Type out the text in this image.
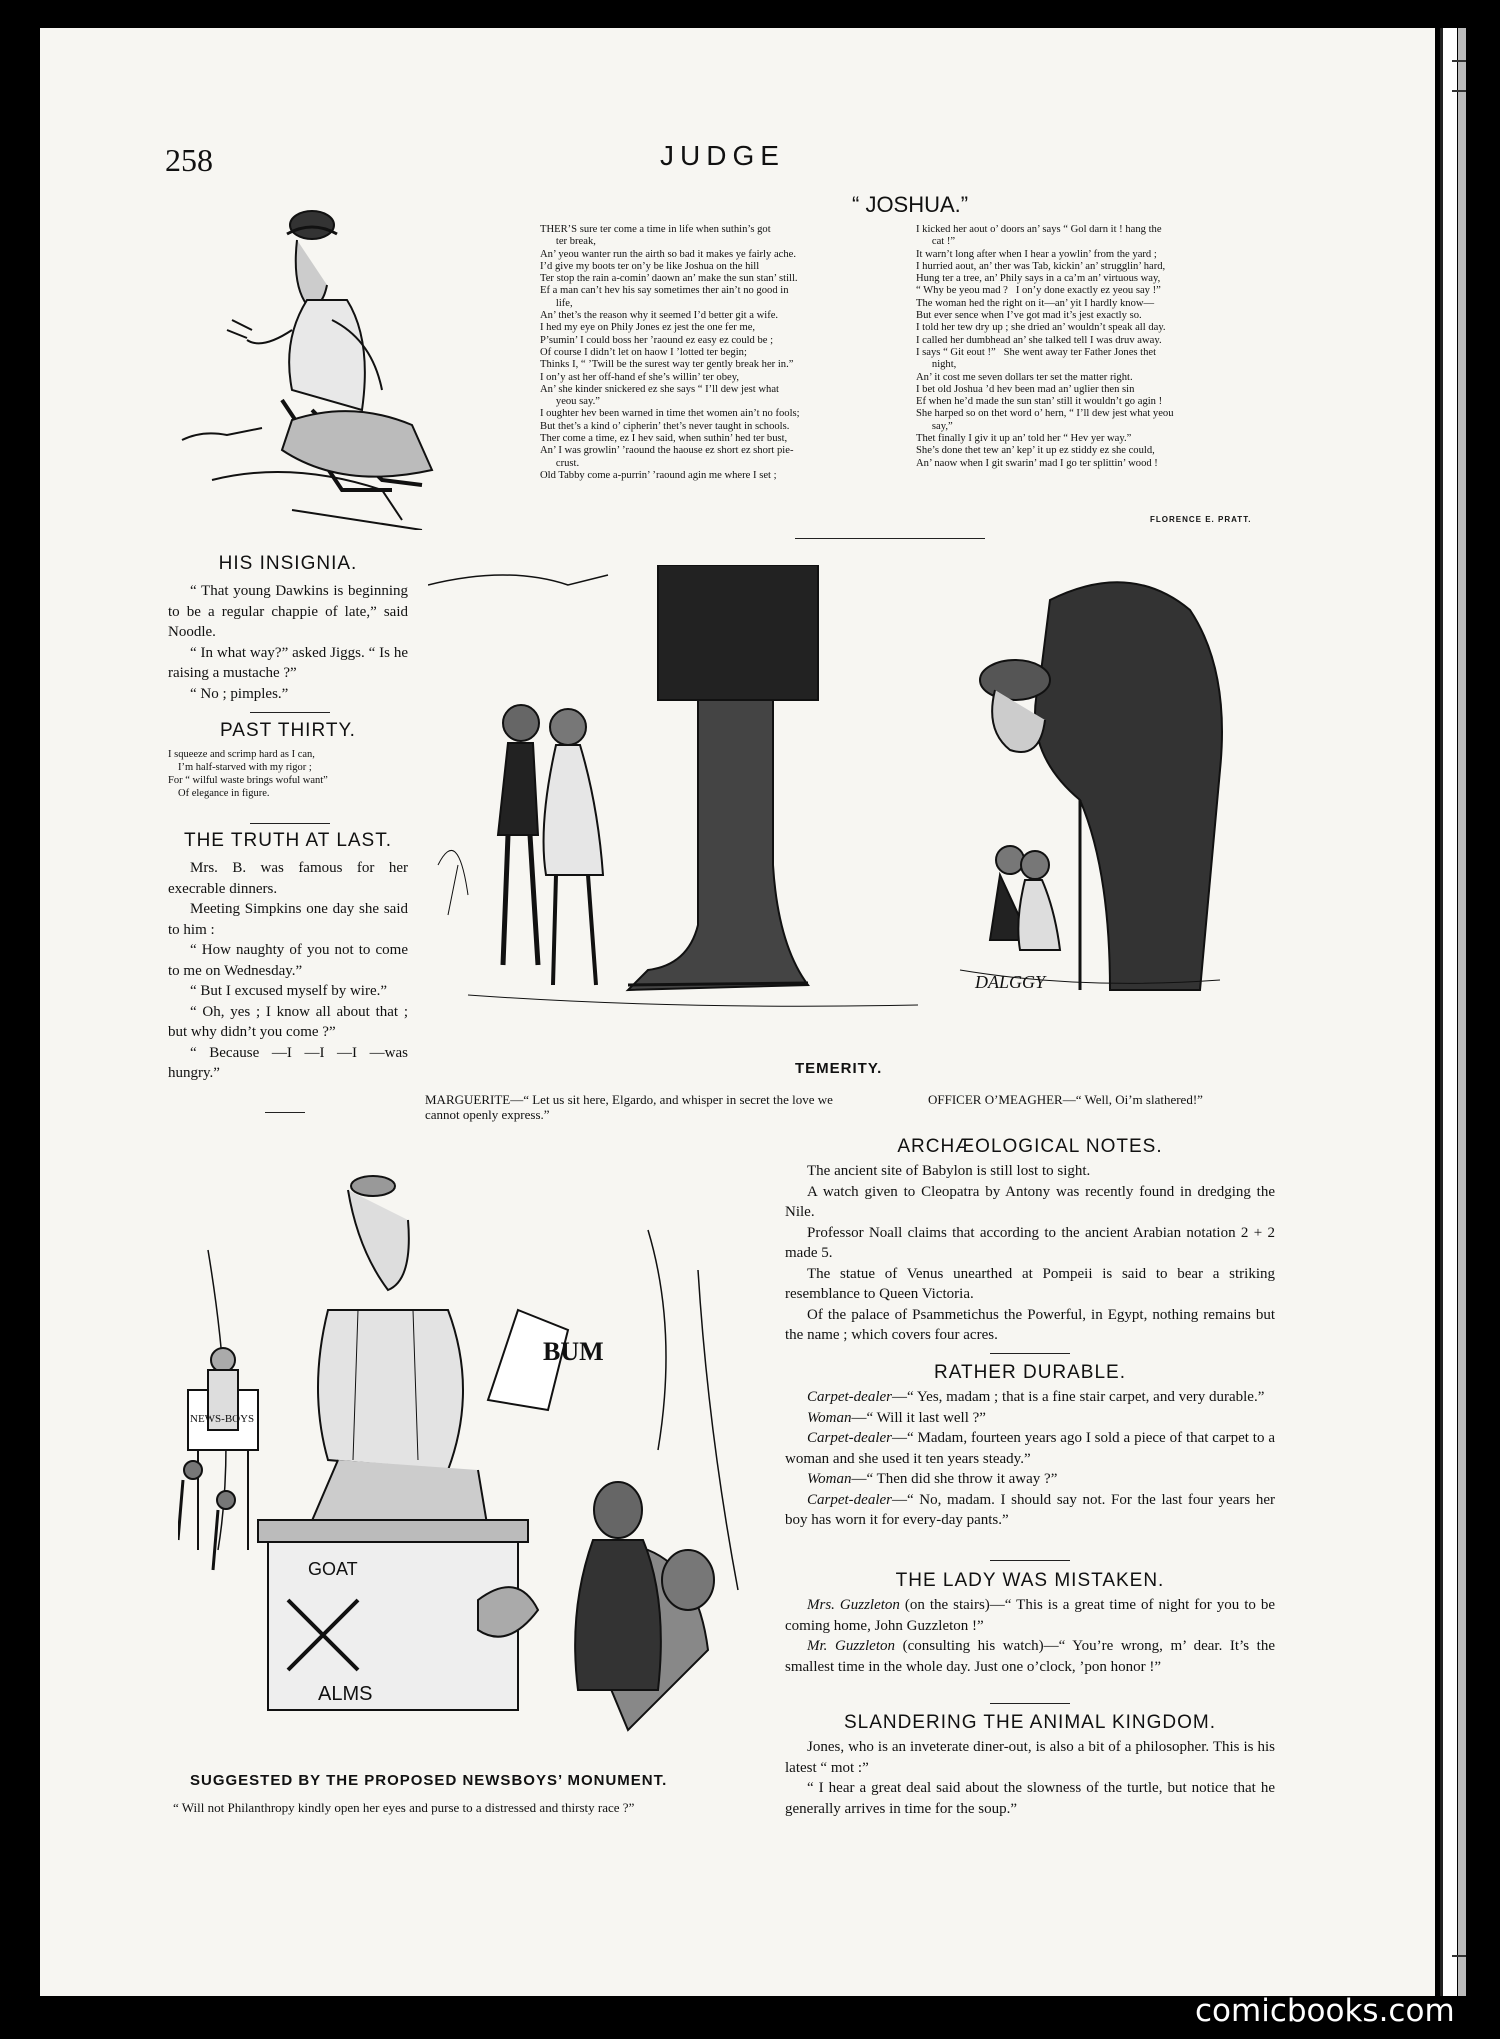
258	JUDGE
“ JOSHUA.”
THER’S sure ter come a time in life when suthin’s got
ter break,
An’ yeou wanter run the airth so bad it makes ye fairly ache.
I’d give my boots ter on’y be like Joshua on the hill
Ter stop the rain a-comin’ daown an’ make the sun stan’ still.
Ef a man can’t hev his say sometimes ther ain’t no good in
life,
An’ thet’s the reason why it seemed I’d better git a wife.
I hed my eye on Phily Jones ez jest the one fer me,
P’sumin’ I could boss her ’raound ez easy ez could be ;
Of course I didn’t let on haow I ’lotted ter begin;
Thinks I, “ ’Twill be the surest way ter gently break her in.”
I on’y ast her off-hand ef she’s willin’ ter obey,
An’ she kinder snickered ez she says “ I’ll dew jest what
yeou say.”
I oughter hev been warned in time thet women ain’t no fools;
But thet’s a kind o’ cipherin’ thet’s never taught in schools.
Ther come a time, ez I hev said, when suthin’ hed ter bust,
An’ I was growlin’ ’raound the haouse ez short ez short pie-
crust.
Old Tabby come a-purrin’ ’raound agin me where I set ;
I kicked her aout o’ doors an’ says “ Gol darn it ! hang the
cat !”
It warn’t long after when I hear a yowlin’ from the yard ;
I hurried aout, an’ ther was Tab, kickin’ an’ strugglin’ hard,
Hung ter a tree, an’ Phily says in a ca’m an’ virtuous way,
“ Why be yeou mad ?   I on’y done exactly ez yeou say !”
The woman hed the right on it—an’ yit I hardly know—
But ever sence when I’ve got mad it’s jest exactly so.
I told her tew dry up ; she dried an’ wouldn’t speak all day.
I called her dumbhead an’ she talked tell I was druv away.
I says “ Git eout !”   She went away ter Father Jones thet
night,
An’ it cost me seven dollars ter set the matter right.
I bet old Joshua ’d hev been mad an’ uglier then sin
Ef when he’d made the sun stan’ still it wouldn’t go agin !
She harped so on thet word o’ hern, “ I’ll dew jest what yeou
say,”
Thet finally I giv it up an’ told her “ Hev yer way.”
She’s done thet tew an’ kep’ it up ez stiddy ez she could,
An’ naow when I git swarin’ mad I go ter splittin’ wood !
FLORENCE E. PRATT.
HIS INSIGNIA.

“ That young Dawkins is beginning to be a regular chappie of late,” said Noodle.

“ In what way?” asked Jiggs. “ Is he raising a mustache ?”

“ No ; pimples.”

PAST THIRTY.
I squeeze and scrimp hard as I can,
I’m half-starved with my rigor ;
For “ wilful waste brings woful want”
Of elegance in figure.
THE TRUTH AT LAST.

Mrs. B. was famous for her execrable dinners.

Meeting Simpkins one day she said to him :

“ How naughty of you not to come to me on Wednesday.”

“ But I excused myself by wire.”

“ Oh, yes ; I know all about that ; but why didn’t you come ?”

“ Because —I —I —I —was hungry.”

DALGGY
TEMERITY.
MARGUERITE—“ Let us sit here, Elgardo, and whisper in secret the love we cannot openly express.”
OFFICER O’MEAGHER—“ Well, Oi’m slathered!”
BUM
NEWS-BOYS
GOAT
ALMS
SUGGESTED BY THE PROPOSED NEWSBOYS’ MONUMENT.
“ Will not Philanthropy kindly open her eyes and purse to a distressed and thirsty race ?”
ARCHÆOLOGICAL NOTES.

The ancient site of Babylon is still lost to sight.

A watch given to Cleopatra by Antony was recently found in dredging the Nile.

Professor Noall claims that according to the ancient Arabian notation 2 + 2 made 5.

The statue of Venus unearthed at Pompeii is said to bear a striking resemblance to Queen Victoria.

Of the palace of Psammetichus the Powerful, in Egypt, nothing remains but the name ; which covers four acres.

RATHER DURABLE.

Carpet-dealer—“ Yes, madam ; that is a fine stair carpet, and very durable.”

Woman—“ Will it last well ?”

Carpet-dealer—“ Madam, fourteen years ago I sold a piece of that carpet to a woman and she used it ten years steady.”

Woman—“ Then did she throw it away ?”

Carpet-dealer—“ No, madam. I should say not. For the last four years her boy has worn it for every-day pants.”

THE LADY WAS MISTAKEN.

Mrs. Guzzleton (on the stairs)—“ This is a great time of night for you to be coming home, John Guzzleton !”

Mr. Guzzleton (consulting his watch)—“ You’re wrong, m’ dear. It’s the smallest time in the whole day. Just one o’clock, ’pon honor !”

SLANDERING THE ANIMAL KINGDOM.

Jones, who is an inveterate diner-out, is also a bit of a philosopher. This is his latest “ mot :”

“ I hear a great deal said about the slowness of the turtle, but notice that he generally arrives in time for the soup.”

comicbooks.com
